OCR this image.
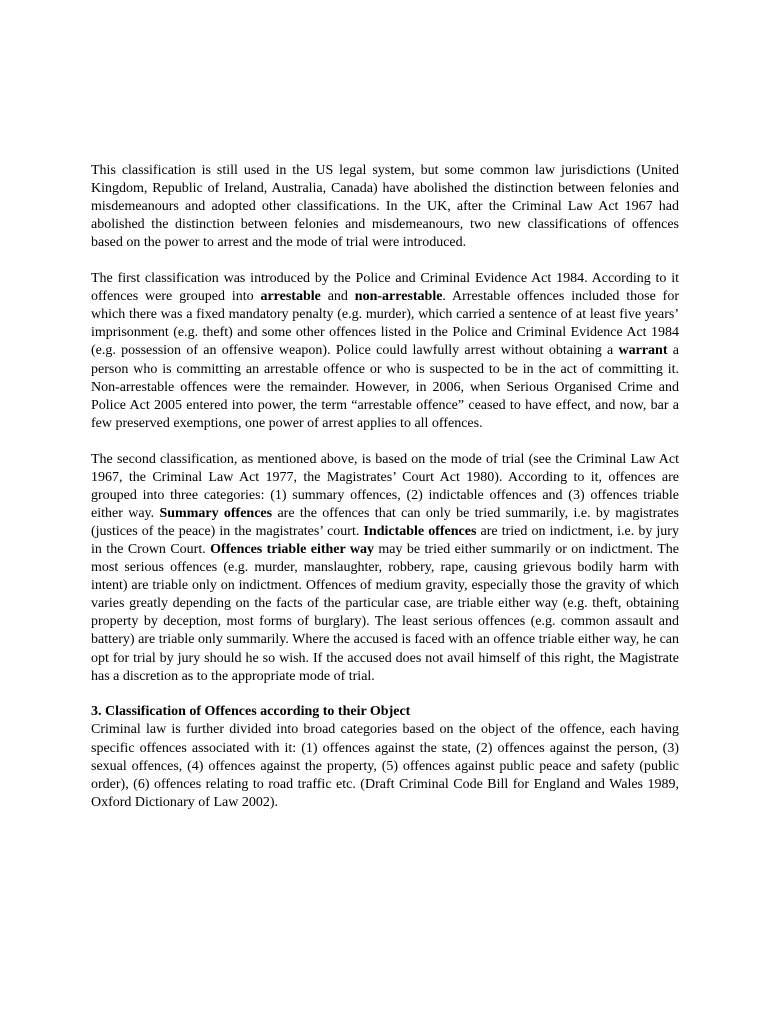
This classification is still used in the US legal system, but some common law jurisdictions (United Kingdom, Republic of Ireland, Australia, Canada) have abolished the distinction between felonies and misdemeanours and adopted other classifications. In the UK, after the Criminal Law Act 1967 had abolished the distinction between felonies and misdemeanours, two new classifications of offences based on the power to arrest and the mode of trial were introduced.

The first classification was introduced by the Police and Criminal Evidence Act 1984. According to it offences were grouped into arrestable and non-arrestable. Arrestable offences included those for which there was a fixed mandatory penalty (e.g. murder), which carried a sentence of at least five years’ imprisonment (e.g. theft) and some other offences listed in the Police and Criminal Evidence Act 1984 (e.g. possession of an offensive weapon). Police could lawfully arrest without obtaining a warrant a person who is committing an arrestable offence or who is suspected to be in the act of committing it. Non-arrestable offences were the remainder. However, in 2006, when Serious Organised Crime and Police Act 2005 entered into power, the term “arrestable offence” ceased to have effect, and now, bar a few preserved exemptions, one power of arrest applies to all offences.

The second classification, as mentioned above, is based on the mode of trial (see the Criminal Law Act 1967, the Criminal Law Act 1977, the Magistrates’ Court Act 1980). According to it, offences are grouped into three categories: (1) summary offences, (2) indictable offences and (3) offences triable either way. Summary offences are the offences that can only be tried summarily, i.e. by magistrates (justices of the peace) in the magistrates’ court. Indictable offences are tried on indictment, i.e. by jury in the Crown Court. Offences triable either way may be tried either summarily or on indictment. The most serious offences (e.g. murder, manslaughter, robbery, rape, causing grievous bodily harm with intent) are triable only on indictment. Offences of medium gravity, especially those the gravity of which varies greatly depending on the facts of the particular case, are triable either way (e.g. theft, obtaining property by deception, most forms of burglary). The least serious offences (e.g. common assault and battery) are triable only summarily. Where the accused is faced with an offence triable either way, he can opt for trial by jury should he so wish. If the accused does not avail himself of this right, the Magistrate has a discretion as to the appropriate mode of trial.

3. Classification of Offences according to their Object

Criminal law is further divided into broad categories based on the object of the offence, each having specific offences associated with it: (1) offences against the state, (2) offences against the person, (3) sexual offences, (4) offences against the property, (5) offences against public peace and safety (public order), (6) offences relating to road traffic etc. (Draft Criminal Code Bill for England and Wales 1989, Oxford Dictionary of Law 2002).
